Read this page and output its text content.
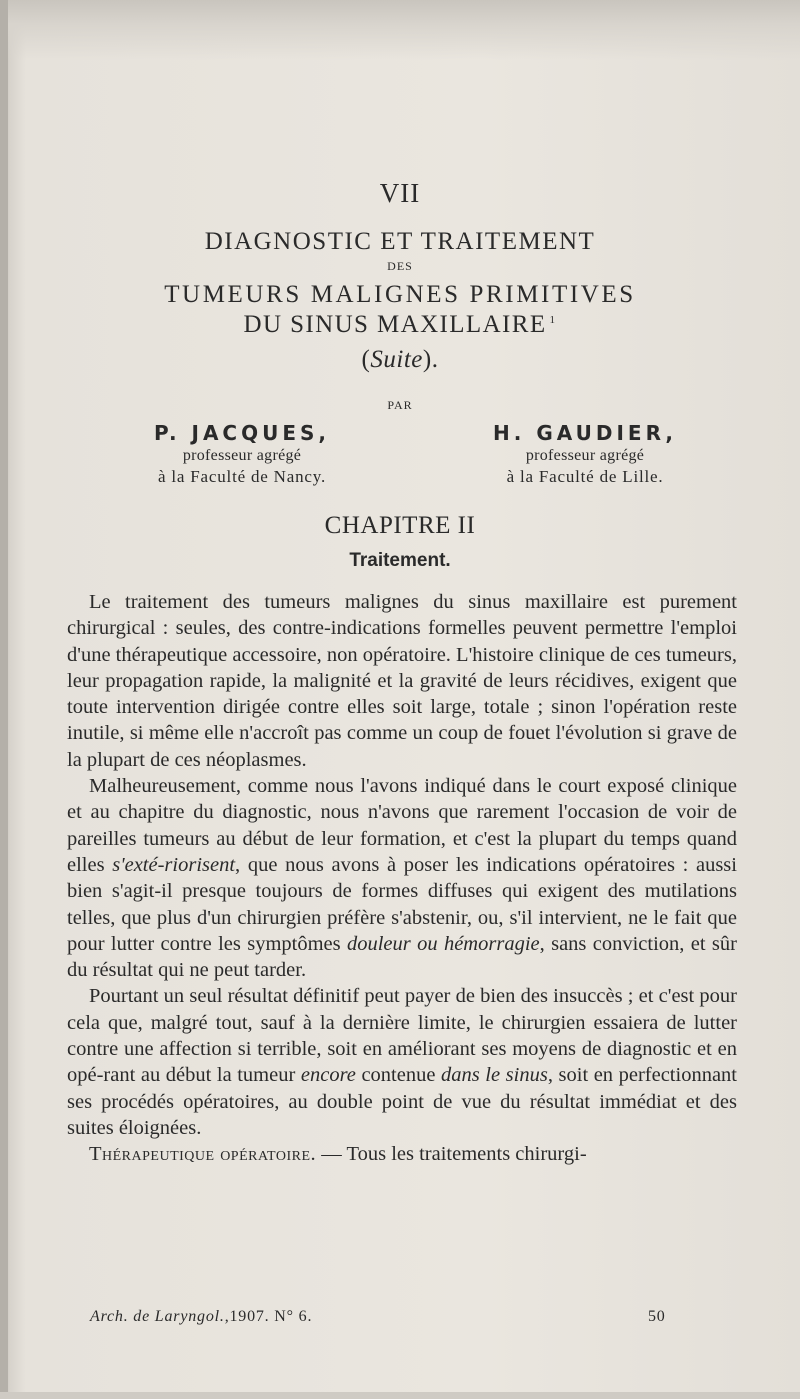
VII
DIAGNOSTIC ET TRAITEMENT
DES
TUMEURS MALIGNES PRIMITIVES
DU SINUS MAXILLAIRE $^1$
(Suite).
PAR
P. JACQUES,
professeur agrégé
à la Faculté de Nancy.
H. GAUDIER,
professeur agrégé
à la Faculté de Lille.
CHAPITRE II
Traitement.

Le traitement des tumeurs malignes du sinus maxillaire est purement chirurgical : seules, des contre-indications formelles peuvent permettre l'emploi d'une thérapeutique accessoire, non opératoire. L'histoire clinique de ces tumeurs, leur propagation rapide, la malignité et la gravité de leurs récidives, exigent que toute intervention dirigée contre elles soit large, totale ; sinon l'opération reste inutile, si même elle n'accroît pas comme un coup de fouet l'évolution si grave de la plupart de ces néoplasmes.

Malheureusement, comme nous l'avons indiqué dans le court exposé clinique et au chapitre du diagnostic, nous n'avons que rarement l'occasion de voir de pareilles tumeurs au début de leur formation, et c'est la plupart du temps quand elles s'exté-riorisent, que nous avons à poser les indications opératoires : aussi bien s'agit-il presque toujours de formes diffuses qui exigent des mutilations telles, que plus d'un chirurgien préfère s'abstenir, ou, s'il intervient, ne le fait que pour lutter contre les symptômes douleur ou hémorragie, sans conviction, et sûr du résultat qui ne peut tarder.

Pourtant un seul résultat définitif peut payer de bien des insuccès ; et c'est pour cela que, malgré tout, sauf à la dernière limite, le chirurgien essaiera de lutter contre une affection si terrible, soit en améliorant ses moyens de diagnostic et en opé-rant au début la tumeur encore contenue dans le sinus, soit en perfectionnant ses procédés opératoires, au double point de vue du résultat immédiat et des suites éloignées.

Thérapeutique opératoire. — Tous les traitements chirurgi-

Arch. de Laryngol.,1907. N° 6.	50
